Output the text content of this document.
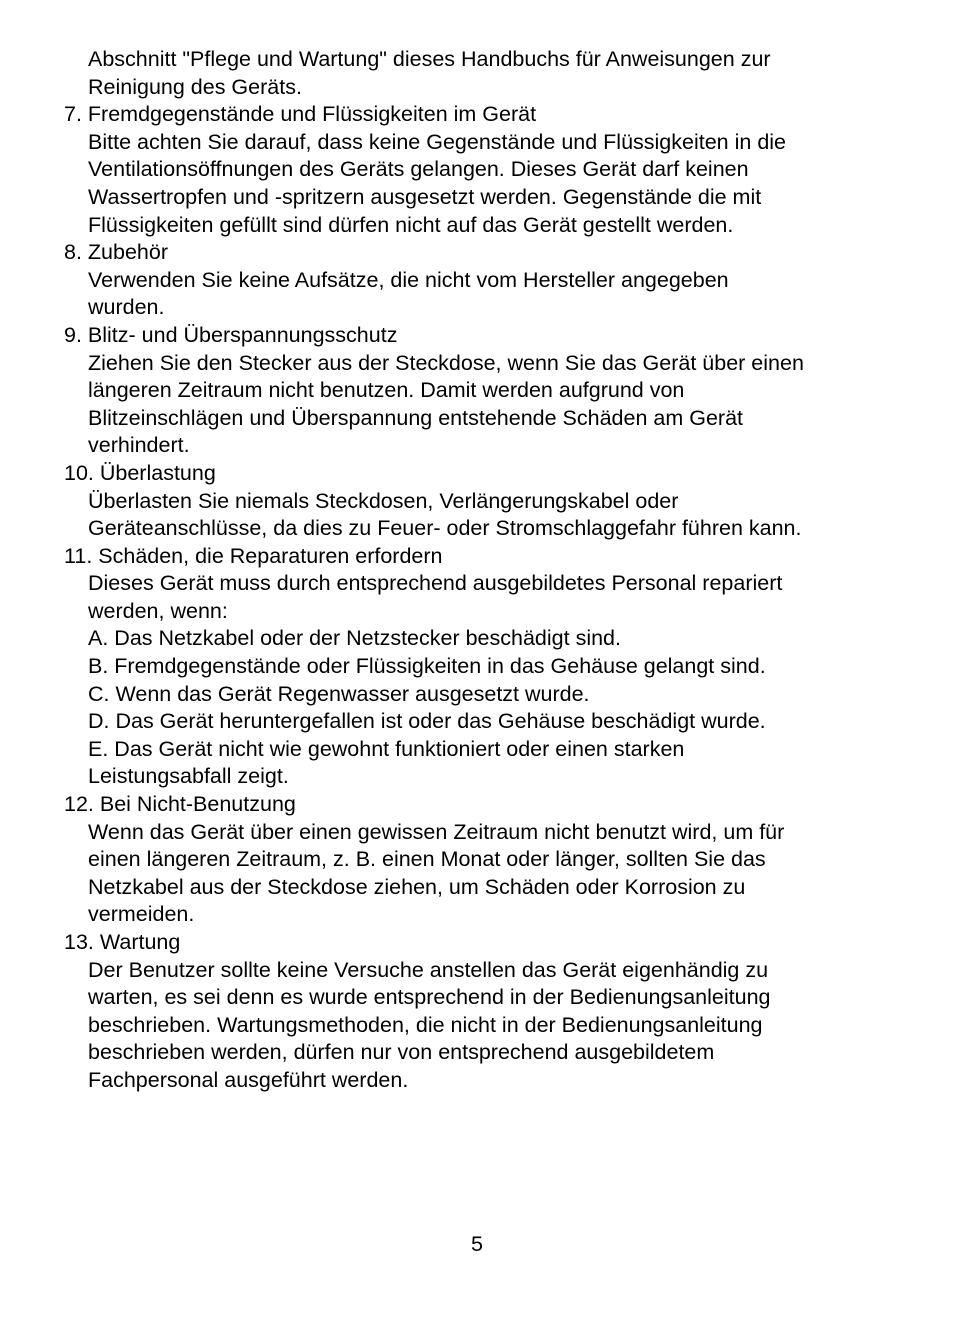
Abschnitt "Pflege und Wartung" dieses Handbuchs für Anweisungen zur
Reinigung des Geräts.
7. Fremdgegenstände und Flüssigkeiten im Gerät
Bitte achten Sie darauf, dass keine Gegenstände und Flüssigkeiten in die
Ventilationsöffnungen des Geräts gelangen. Dieses Gerät darf keinen
Wassertropfen und -spritzern ausgesetzt werden. Gegenstände die mit
Flüssigkeiten gefüllt sind dürfen nicht auf das Gerät gestellt werden.
8. Zubehör
Verwenden Sie keine Aufsätze, die nicht vom Hersteller angegeben
wurden.
9. Blitz- und Überspannungsschutz
Ziehen Sie den Stecker aus der Steckdose, wenn Sie das Gerät über einen
längeren Zeitraum nicht benutzen. Damit werden aufgrund von
Blitzeinschlägen und Überspannung entstehende Schäden am Gerät
verhindert.
10. Überlastung
Überlasten Sie niemals Steckdosen, Verlängerungskabel oder
Geräteanschlüsse, da dies zu Feuer- oder Stromschlaggefahr führen kann.
11. Schäden, die Reparaturen erfordern
Dieses Gerät muss durch entsprechend ausgebildetes Personal repariert
werden, wenn:
A. Das Netzkabel oder der Netzstecker beschädigt sind.
B. Fremdgegenstände oder Flüssigkeiten in das Gehäuse gelangt sind.
C. Wenn das Gerät Regenwasser ausgesetzt wurde.
D. Das Gerät heruntergefallen ist oder das Gehäuse beschädigt wurde.
E. Das Gerät nicht wie gewohnt funktioniert oder einen starken
Leistungsabfall zeigt.
12. Bei Nicht-Benutzung
Wenn das Gerät über einen gewissen Zeitraum nicht benutzt wird, um für
einen längeren Zeitraum, z. B. einen Monat oder länger, sollten Sie das
Netzkabel aus der Steckdose ziehen, um Schäden oder Korrosion zu
vermeiden.
13. Wartung
Der Benutzer sollte keine Versuche anstellen das Gerät eigenhändig zu
warten, es sei denn es wurde entsprechend in der Bedienungsanleitung
beschrieben. Wartungsmethoden, die nicht in der Bedienungsanleitung
beschrieben werden, dürfen nur von entsprechend ausgebildetem
Fachpersonal ausgeführt werden.
5
